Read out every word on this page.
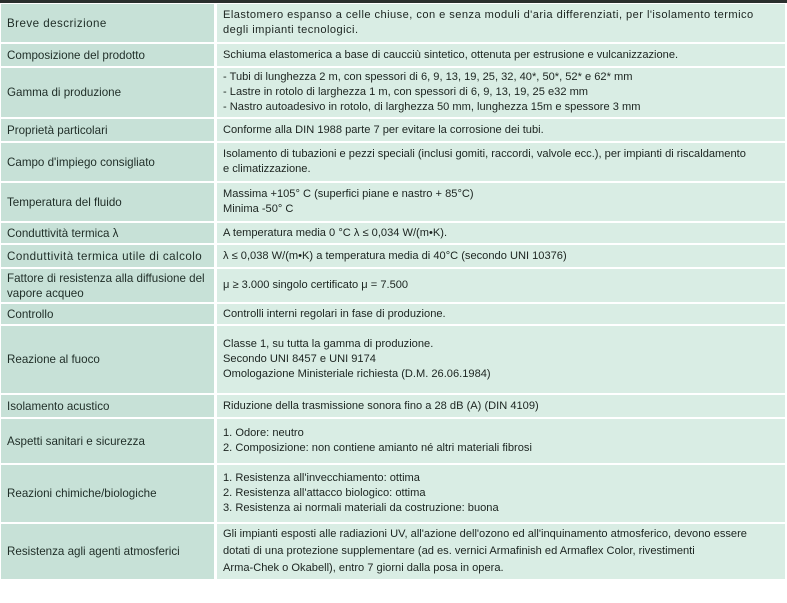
Breve descrizione	Elastomero espanso a celle chiuse, con e senza moduli d'aria differenziati, per l'isolamento termico
degli impianti tecnologici.

Composizione del prodotto	Schiuma elastomerica a base di caucciù sintetico, ottenuta per estrusione e vulcanizzazione.

Gamma di produzione	- Tubi di lunghezza 2 m, con spessori di 6, 9, 13, 19, 25, 32, 40*, 50*, 52* e 62* mm
- Lastre in rotolo di larghezza 1 m, con spessori di 6, 9, 13, 19, 25 e32 mm
- Nastro autoadesivo in rotolo, di larghezza 50 mm, lunghezza 15m e spessore 3 mm

Proprietà particolari	Conforme alla DIN 1988 parte 7 per evitare la corrosione dei tubi.

Campo d'impiego consigliato	Isolamento di tubazioni e pezzi speciali (inclusi gomiti, raccordi, valvole ecc.), per impianti di riscaldamento
e climatizzazione.

Temperatura del fluido	Massima +105° C (superfici piane e nastro + 85°C)
Minima -50° C

Conduttività termica λ	A temperatura media 0 °C λ ≤ 0,034 W/(m•K).

Conduttività termica utile di calcolo	λ ≤ 0,038 W/(m•K) a temperatura media di 40°C (secondo UNI 10376)

Fattore di resistenza alla diffusione del vapore acqueo	μ ≥ 3.000 singolo certificato μ = 7.500

Controllo	Controlli interni regolari in fase di produzione.

Reazione al fuoco	Classe 1, su tutta la gamma di produzione.
Secondo UNI 8457 e UNI 9174
Omologazione Ministeriale richiesta (D.M. 26.06.1984)

Isolamento acustico	Riduzione della trasmissione sonora fino a 28 dB (A) (DIN 4109)

Aspetti sanitari e sicurezza	1. Odore: neutro
2. Composizione: non contiene amianto né altri materiali fibrosi

Reazioni chimiche/biologiche	1. Resistenza all'invecchiamento: ottima
2. Resistenza all'attacco biologico: ottima
3. Resistenza ai normali materiali da costruzione: buona

Resistenza agli agenti atmosferici	Gli impianti esposti alle radiazioni UV, all'azione dell'ozono ed all'inquinamento atmosferico, devono essere
dotati di una protezione supplementare (ad es. vernici Armafinish ed Armaflex Color, rivestimenti
Arma-Chek o Okabell), entro 7 giorni dalla posa in opera.
